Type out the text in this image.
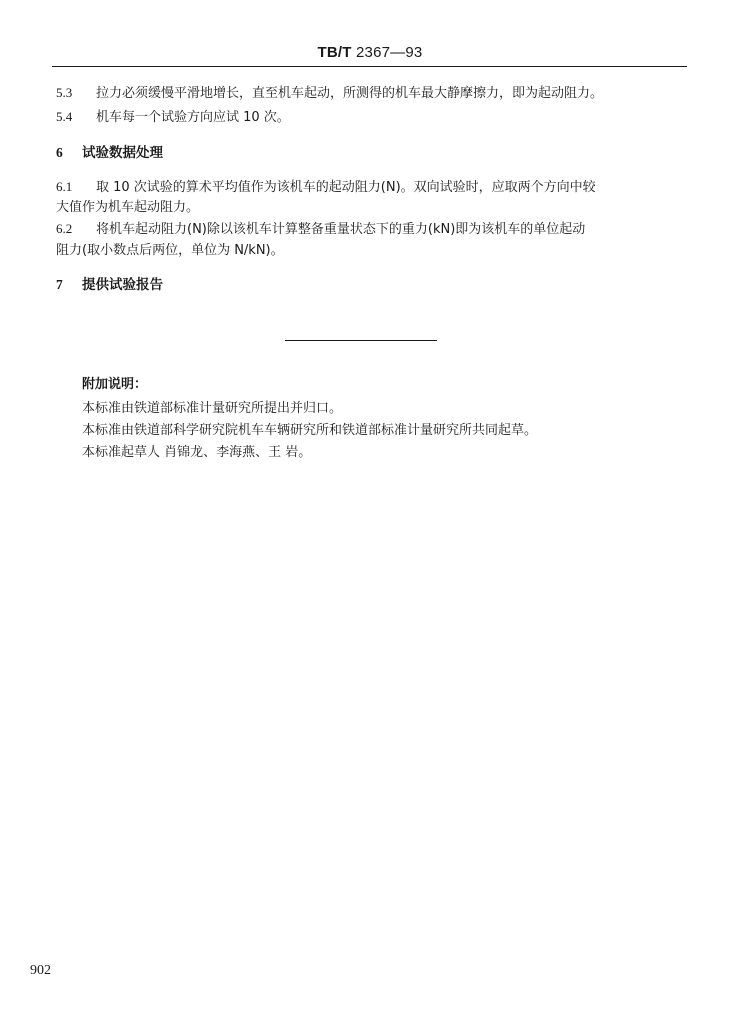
TB/T 2367—93
5.3 拉力必须缓慢平滑地增长，直至机车起动，所测得的机车最大静摩擦力，即为起动阻力。
5.4 机车每一个试验方向应试 10 次。
6 试验数据处理
6.1 取 10 次试验的算术平均值作为该机车的起动阻力(N)。双向试验时，应取两个方向中较
大值作为机车起动阻力。
6.2 将机车起动阻力(N)除以该机车计算整备重量状态下的重力(kN)即为该机车的单位起动
阻力(取小数点后两位，单位为 N/kN)。
7 提供试验报告
附加说明：
本标准由铁道部标准计量研究所提出并归口。
本标准由铁道部科学研究院机车车辆研究所和铁道部标准计量研究所共同起草。
本标准起草人 肖锦龙、李海燕、王 岩。
902
